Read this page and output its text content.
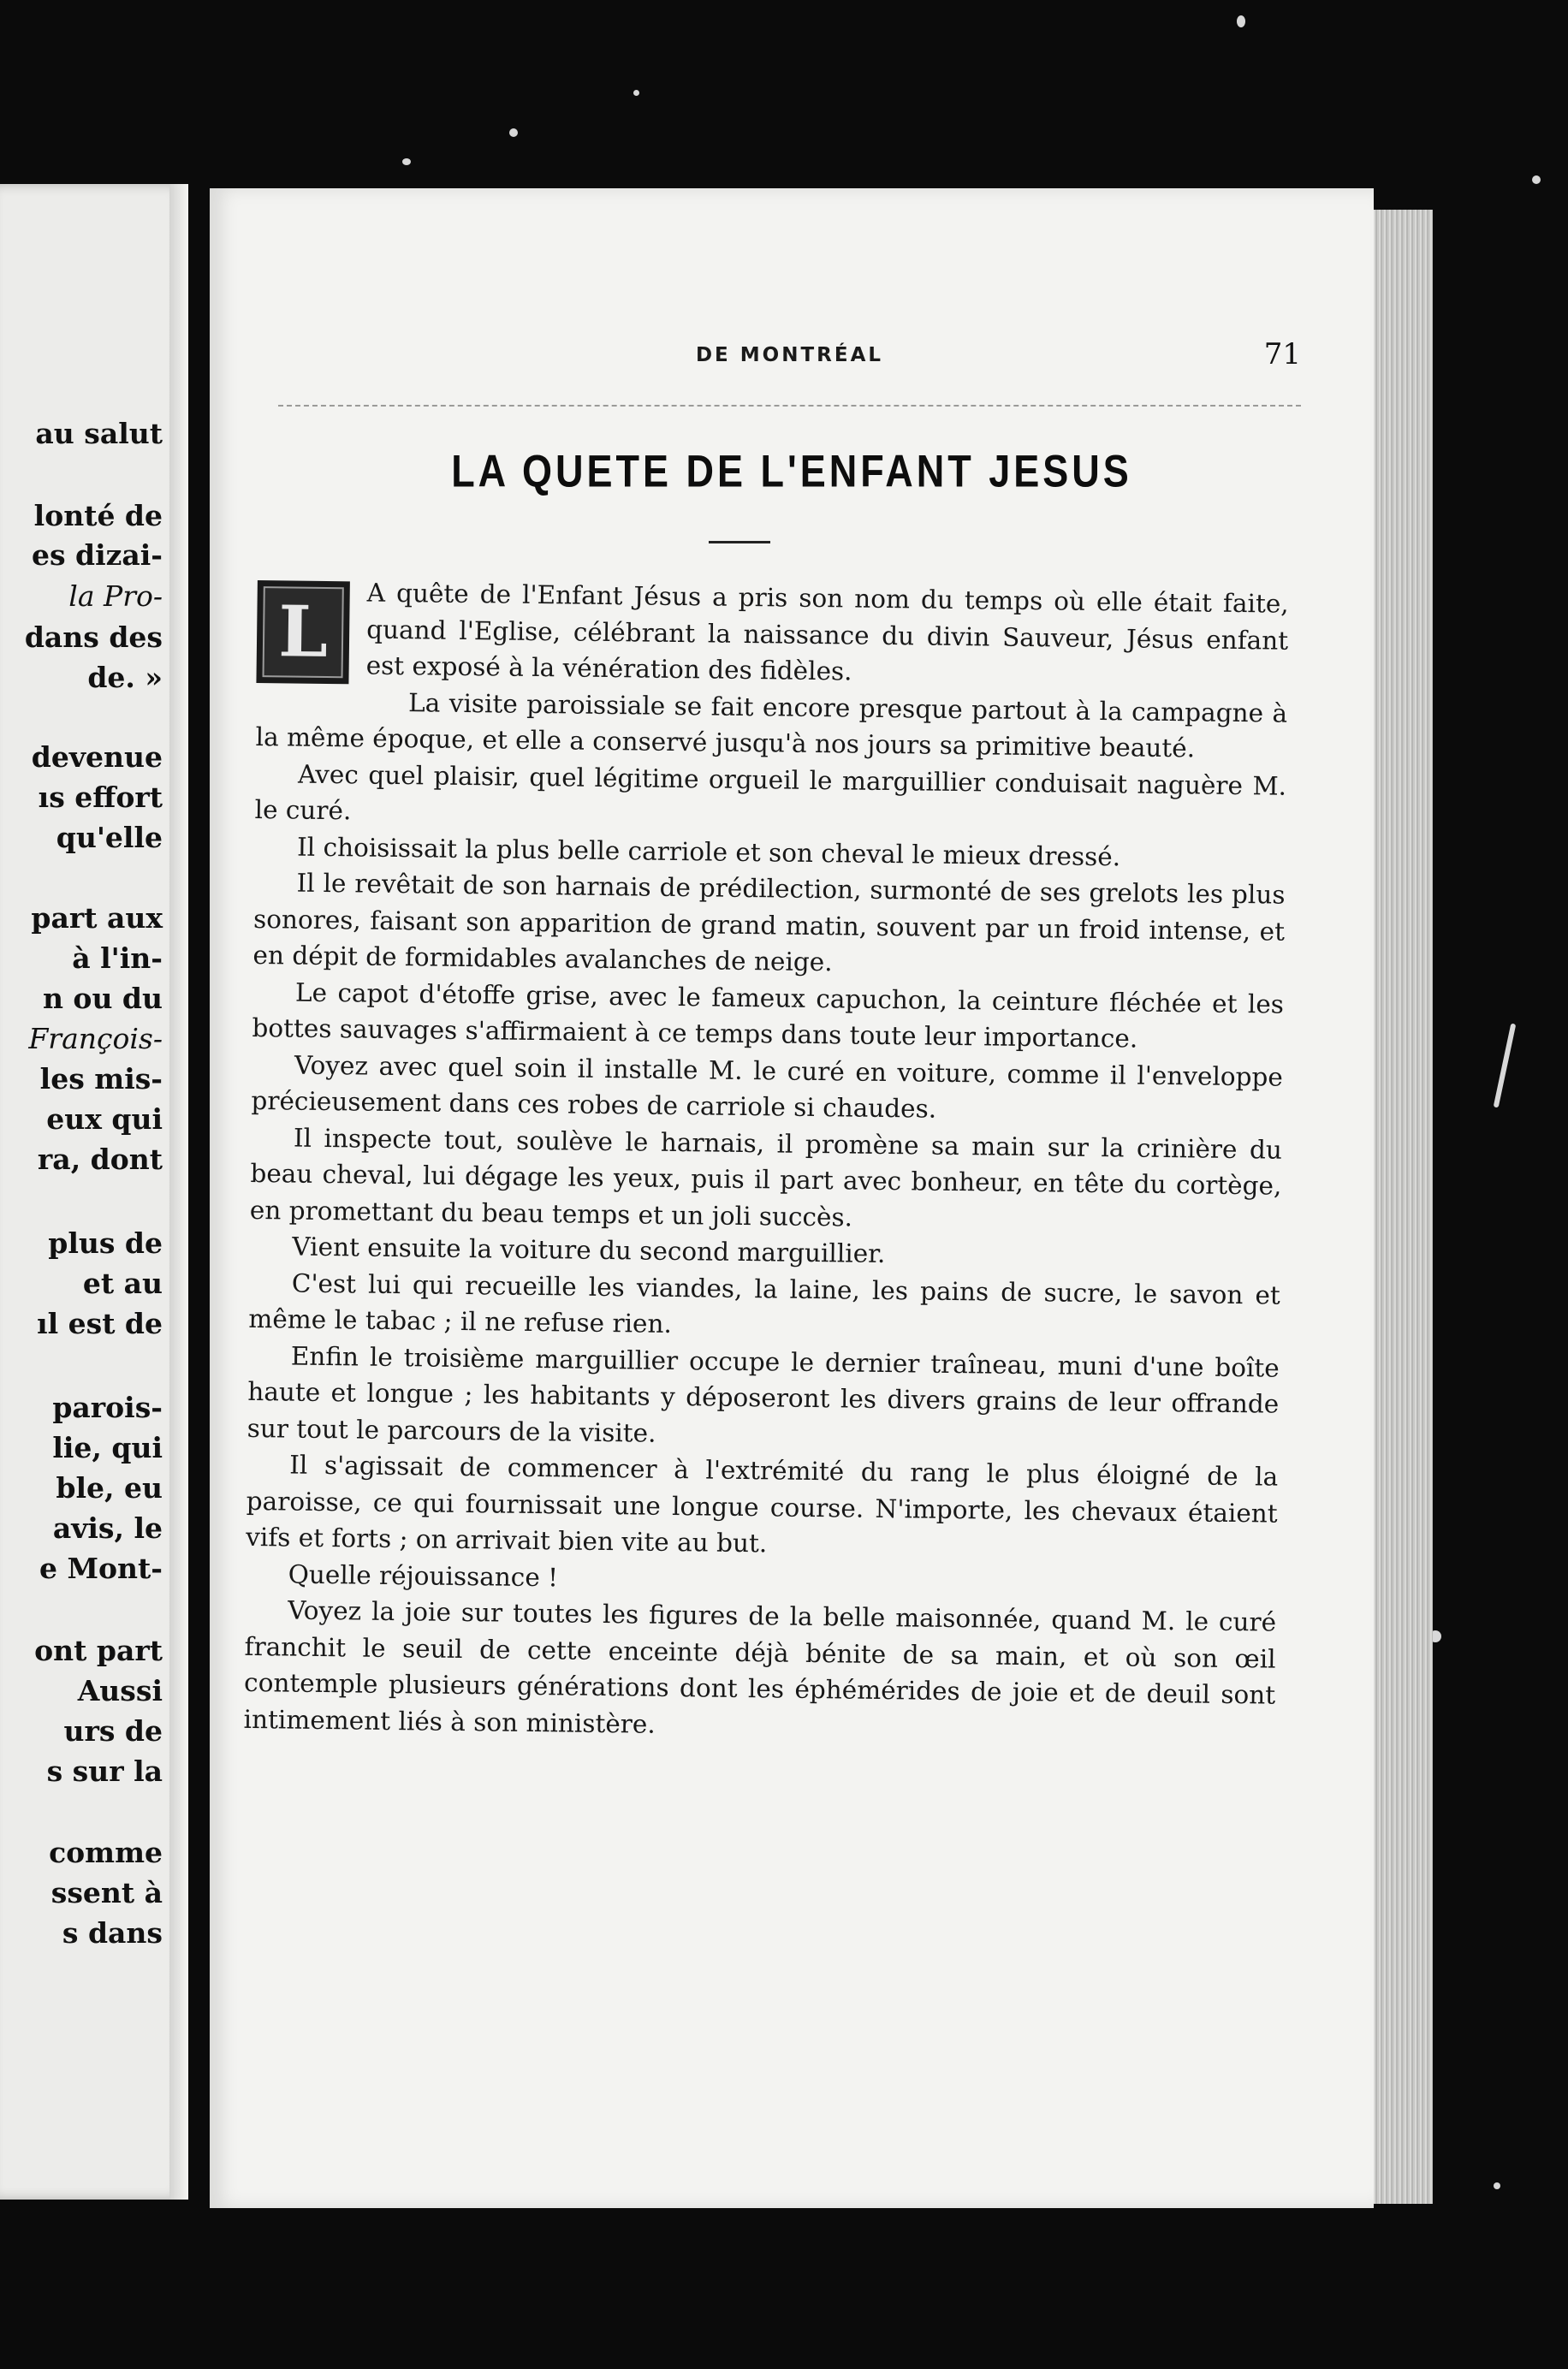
au salut
lonté de
es dizai-
la Pro-
dans des
de. »
devenue
ıs effort
qu'elle
part aux
à l'in-
n ou du
François-
les mis-
eux qui
ra, dont
plus de
et au
ıl est de
parois-
lie, qui
ble, eu
avis, le
e Mont-
ont part
Aussi
urs de
s sur la
comme
ssent à
s dans
DE MONTRÉAL	71
LA QUETE DE L'ENFANT JESUS

L A quête de l'Enfant Jésus a pris son nom du temps où elle était faite, quand l'Eglise, célébrant la naissance du divin Sauveur, Jésus enfant est exposé à la vénération des fidèles.

La visite paroissiale se fait encore presque partout à la campagne à la même époque, et elle a conservé jusqu'à nos jours sa primitive beauté.

Avec quel plaisir, quel légitime orgueil le marguillier conduisait naguère M. le curé.

Il choisissait la plus belle carriole et son cheval le mieux dressé.

Il le revêtait de son harnais de prédilection, surmonté de ses grelots les plus sonores, faisant son apparition de grand matin, souvent par un froid intense, et en dépit de formidables avalanches de neige.

Le capot d'étoffe grise, avec le fameux capuchon, la ceinture fléchée et les bottes sauvages s'affirmaient à ce temps dans toute leur importance.

Voyez avec quel soin il installe M. le curé en voiture, comme il l'enveloppe précieusement dans ces robes de carriole si chaudes.

Il inspecte tout, soulève le harnais, il promène sa main sur la crinière du beau cheval, lui dégage les yeux, puis il part avec bonheur, en tête du cortège, en promettant du beau temps et un joli succès.

Vient ensuite la voiture du second marguillier.

C'est lui qui recueille les viandes, la laine, les pains de sucre, le savon et même le tabac ; il ne refuse rien.

Enfin le troisième marguillier occupe le dernier traîneau, muni d'une boîte haute et longue ; les habitants y déposeront les divers grains de leur offrande sur tout le parcours de la visite.

Il s'agissait de commencer à l'extrémité du rang le plus éloigné de la paroisse, ce qui fournissait une longue course. N'importe, les chevaux étaient vifs et forts ; on arrivait bien vite au but.

Quelle réjouissance !

Voyez la joie sur toutes les figures de la belle maisonnée, quand M. le curé franchit le seuil de cette enceinte déjà bénite de sa main, et où son œil contemple plusieurs générations dont les éphémérides de joie et de deuil sont intimement liés à son ministère.
